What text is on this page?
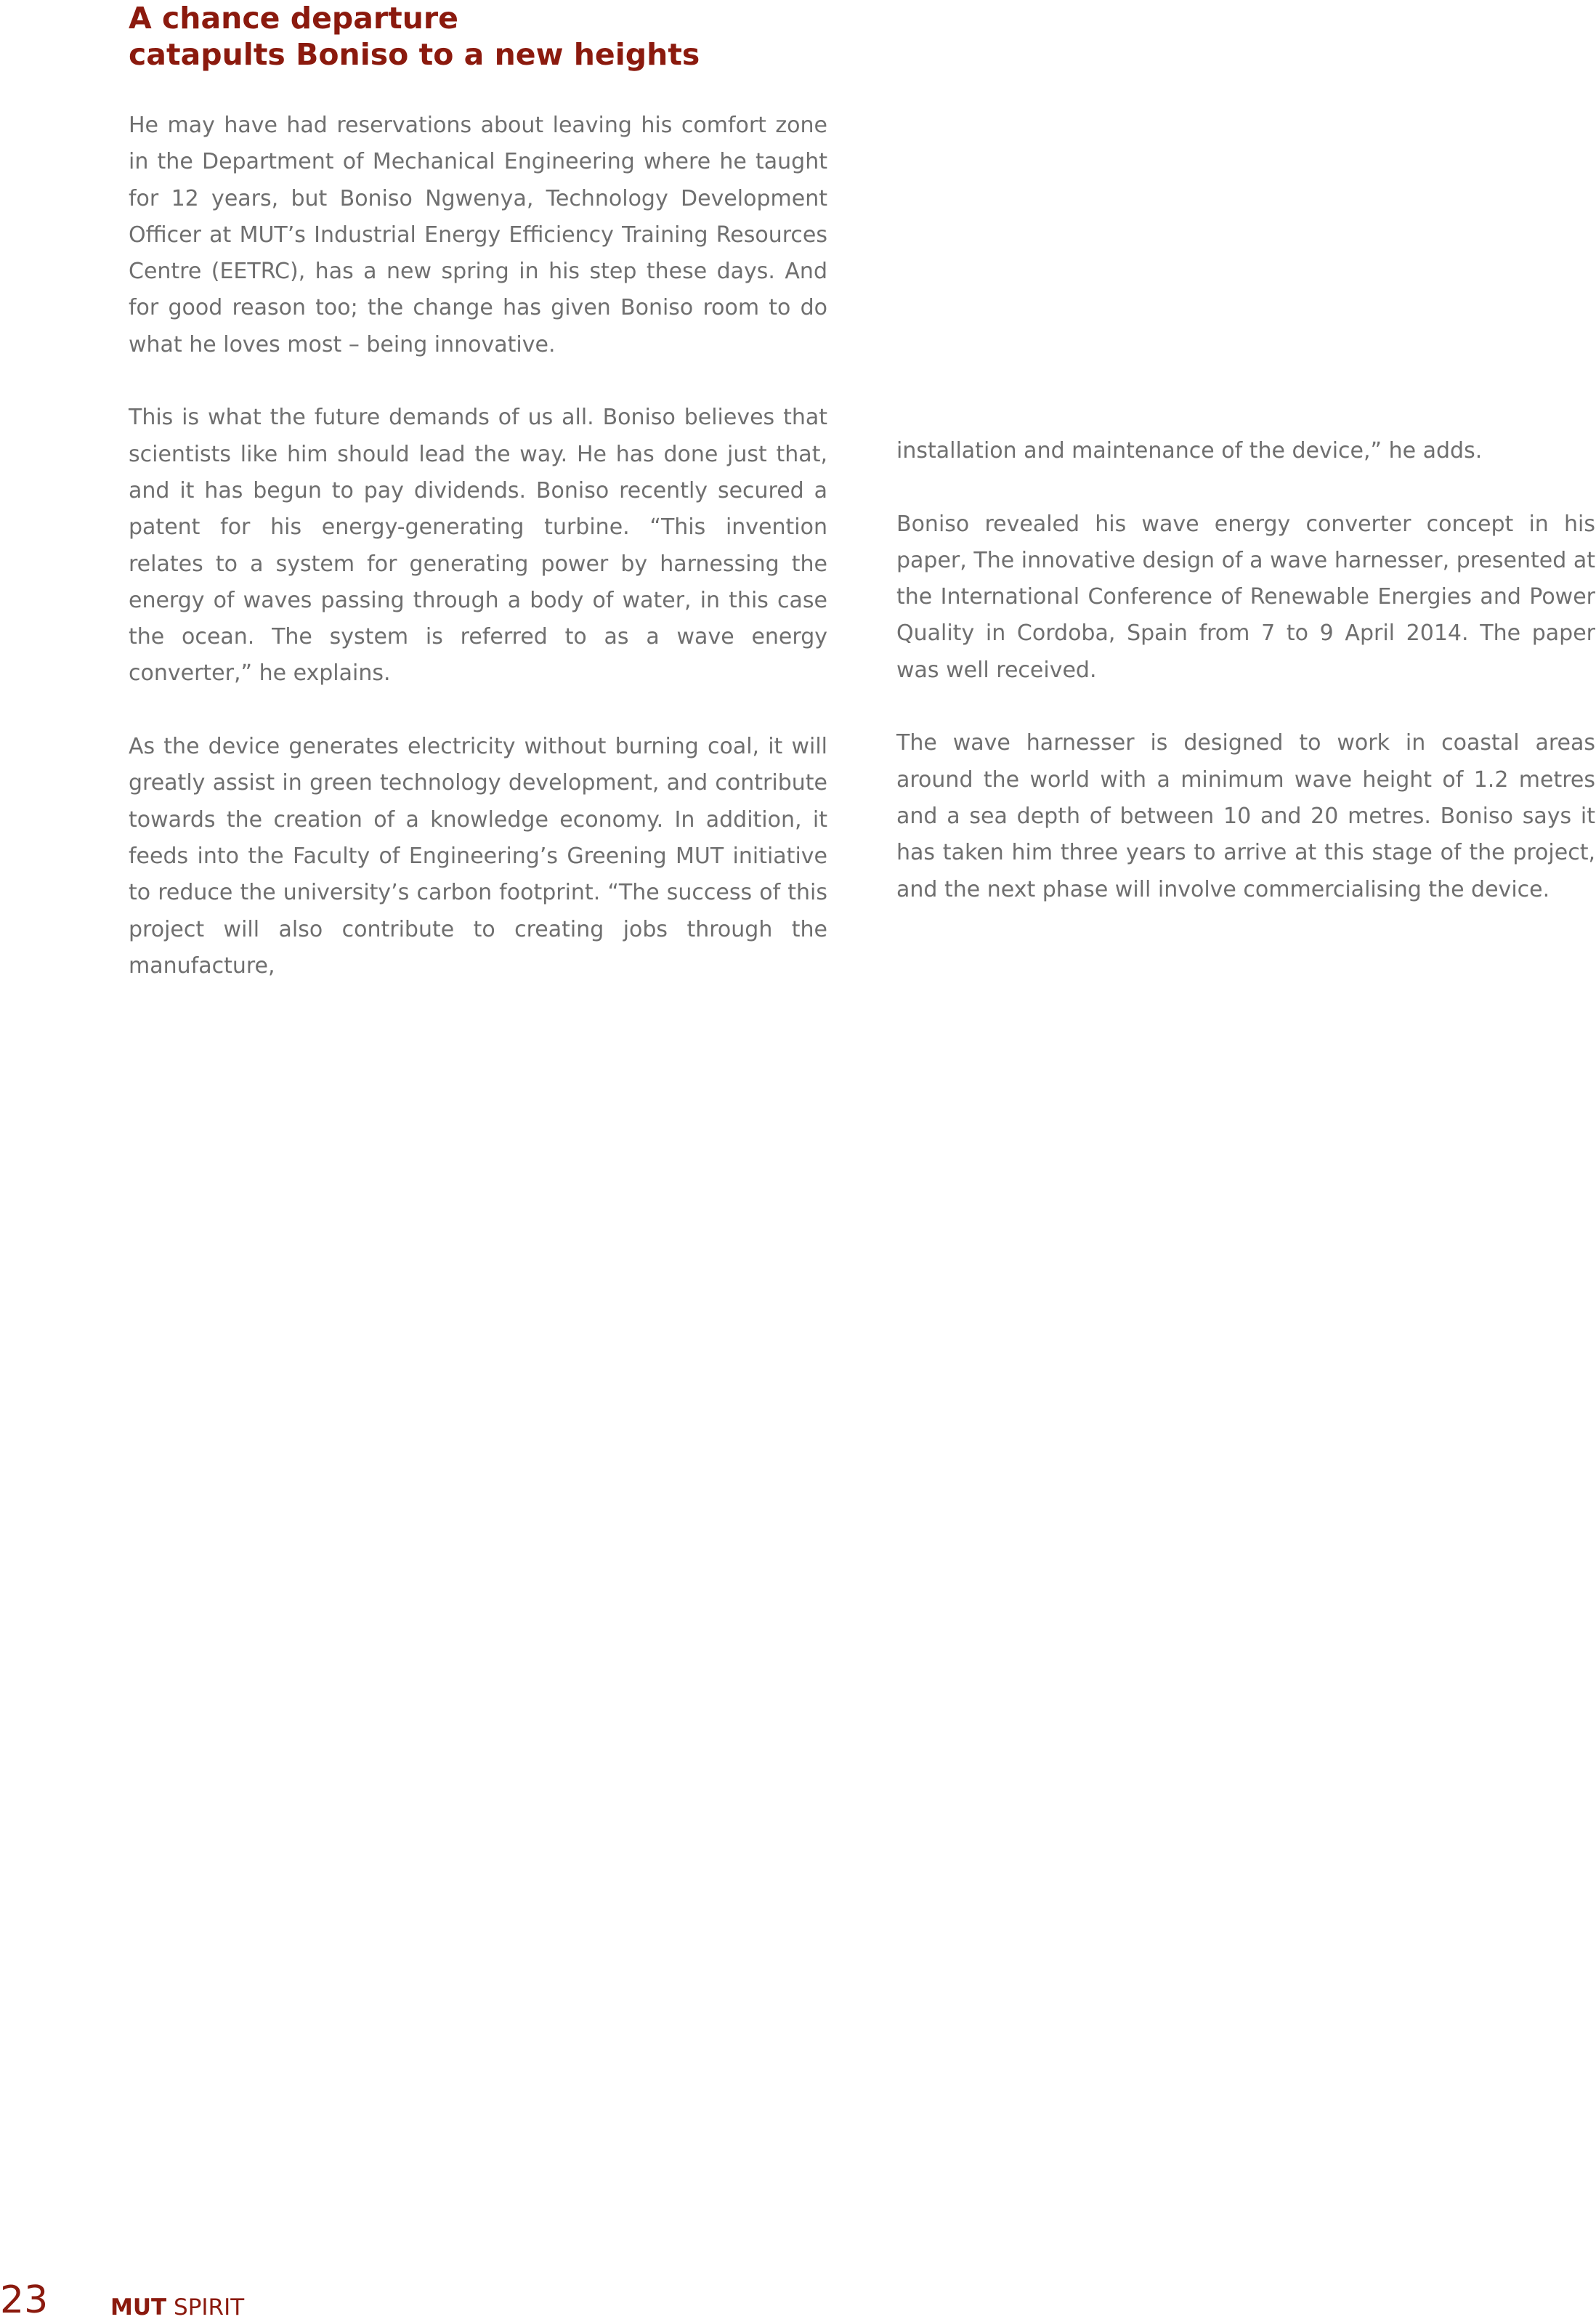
A chance departure
catapults Boniso to a new heights

He may have had reservations about leaving his comfort zone in the Department of Mechanical Engineering where he taught for 12 years, but Boniso Ngwenya, Technology Development Officer at MUT’s Industrial Energy Efficiency Training Resources Centre (EETRC), has a new spring in his step these days. And for good reason too; the change has given Boniso room to do what he loves most – being innovative.

This is what the future demands of us all. Boniso believes that scientists like him should lead the way. He has done just that, and it has begun to pay dividends. Boniso recently secured a patent for his energy-generating turbine. “This invention relates to a system for generating power by harnessing the energy of waves passing through a body of water, in this case the ocean. The system is referred to as a wave energy converter,” he explains.

As the device generates electricity without burning coal, it will greatly assist in green technology development, and contribute towards the creation of a knowledge economy. In addition, it feeds into the Faculty of Engineering’s Greening MUT initiative to reduce the university’s carbon footprint. “The success of this project will also contribute to creating jobs through the manufacture,

installation and maintenance of the device,” he adds.

Boniso revealed his wave energy converter concept in his paper, The innovative design of a wave harnesser, presented at the International Conference of Renewable Energies and Power Quality in Cordoba, Spain from 7 to 9 April 2014. The paper was well received.

The wave harnesser is designed to work in coastal areas around the world with a minimum wave height of 1.2 metres and a sea depth of between 10 and 20 metres. Boniso says it has taken him three years to arrive at this stage of the project, and the next phase will involve commercialising the device.

23	MUT SPIRIT
